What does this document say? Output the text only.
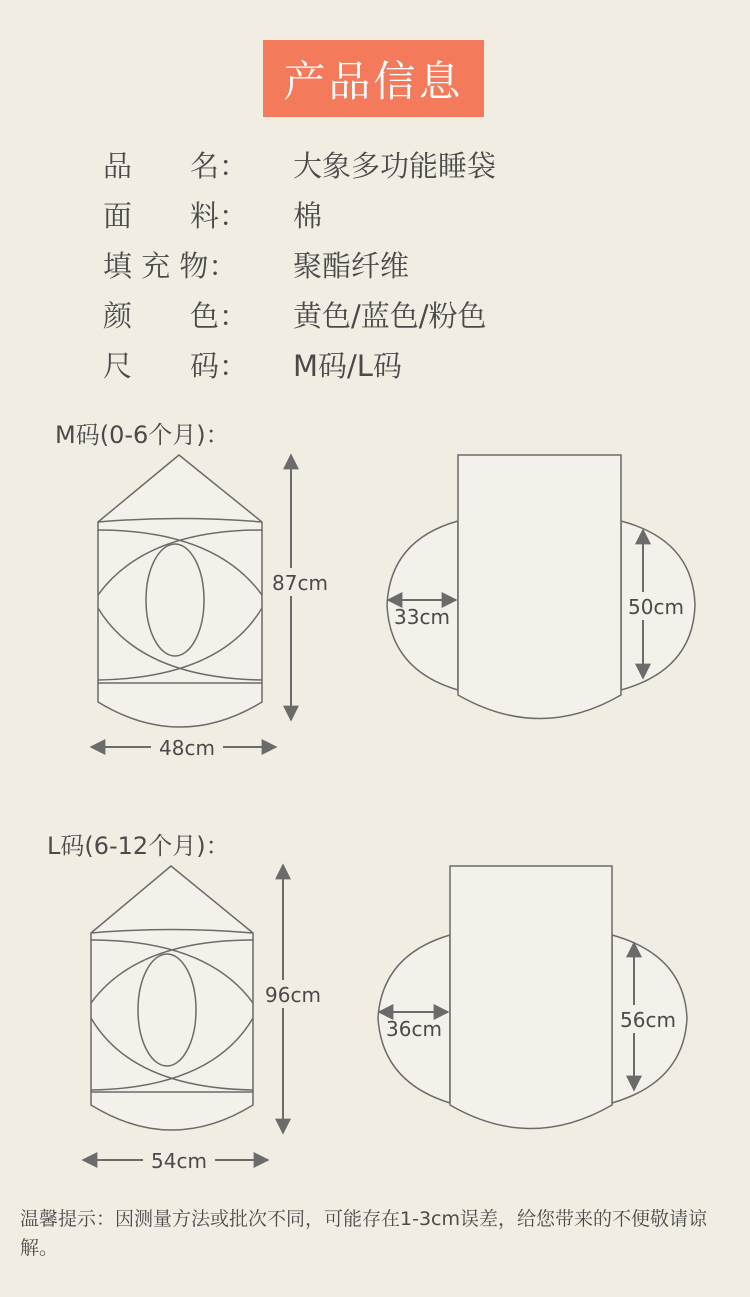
产品信息
品　　名： 大象多功能睡袋
面　　料： 棉
填 充 物： 聚酯纤维
颜　　色： 黄色/蓝色/粉色
尺　　码： M码/L码
M码(0-6个月)：
87cm
48cm
33cm	50cm
L码(6-12个月)：
96cm
54cm
36cm	56cm
温馨提示：因测量方法或批次不同，可能存在1-3cm误差，给您带来的不便敬请谅解。
